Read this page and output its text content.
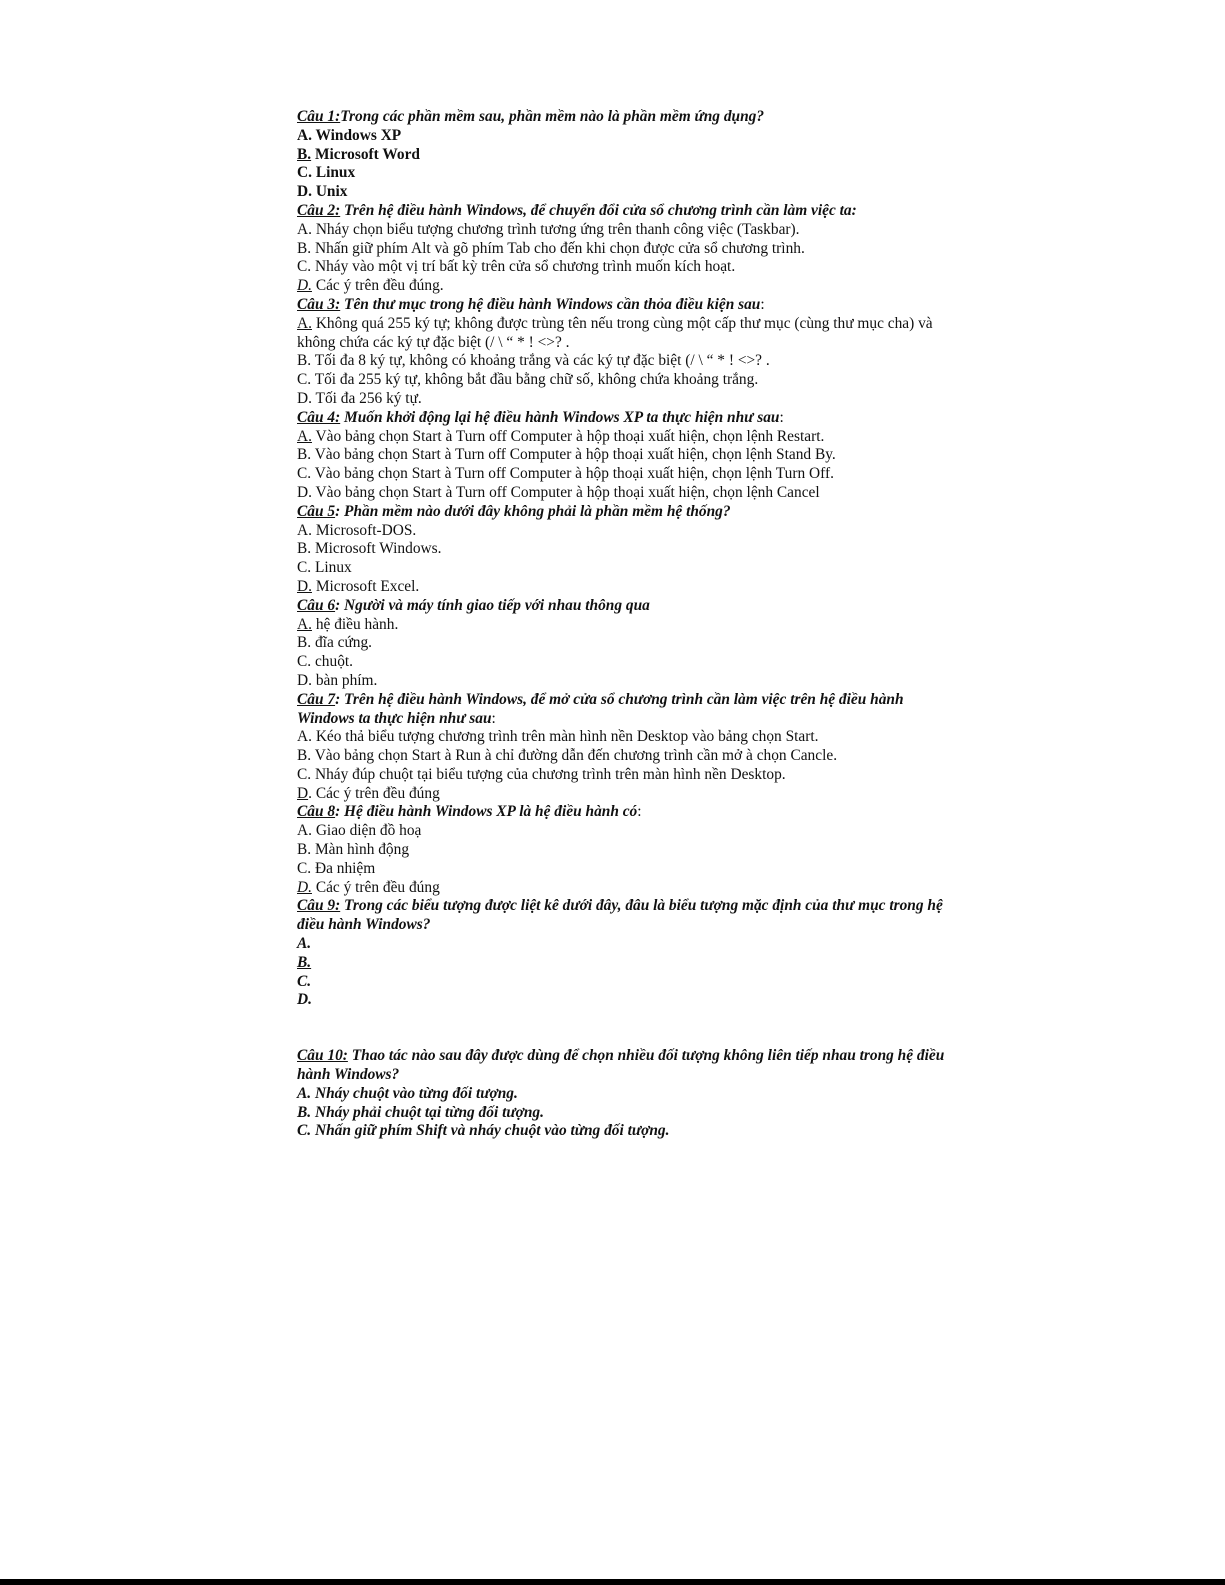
Câu 1:Trong các phần mềm sau, phần mềm nào là phần mềm ứng dụng?
A. Windows XP
B. Microsoft Word
C. Linux
D. Unix
Câu 2: Trên hệ điều hành Windows, để chuyển đổi cửa sổ chương trình cần làm việc ta:
A. Nháy chọn biểu tượng chương trình tương ứng trên thanh công việc (Taskbar).
B. Nhấn giữ phím Alt và gõ phím Tab cho đến khi chọn được cửa sổ chương trình.
C. Nháy vào một vị trí bất kỳ trên cửa sổ chương trình muốn kích hoạt.
D. Các ý trên đều đúng.
Câu 3: Tên thư mục trong hệ điều hành Windows cần thỏa điều kiện sau:
A. Không quá 255 ký tự; không được trùng tên nếu trong cùng một cấp thư mục (cùng thư mục cha) và không chứa các ký tự đặc biệt (/ \ “ * ! <>? .
B. Tối đa 8 ký tự, không có khoảng trắng và các ký tự đặc biệt (/ \ “ * ! <>? .
C. Tối đa 255 ký tự, không bắt đầu bằng chữ số, không chứa khoảng trắng.
D. Tối đa 256 ký tự.
Câu 4: Muốn khởi động lại hệ điều hành Windows XP ta thực hiện như sau:
A. Vào bảng chọn Start à Turn off Computer à hộp thoại xuất hiện, chọn lệnh Restart.
B. Vào bảng chọn Start à Turn off Computer à hộp thoại xuất hiện, chọn lệnh Stand By.
C. Vào bảng chọn Start à Turn off Computer à hộp thoại xuất hiện, chọn lệnh Turn Off.
D. Vào bảng chọn Start à Turn off Computer à hộp thoại xuất hiện, chọn lệnh Cancel
Câu 5: Phần mềm nào dưới đây không phải là phần mềm hệ thống?
A. Microsoft-DOS.
B. Microsoft Windows.
C. Linux
D. Microsoft Excel.
Câu 6: Người và máy tính giao tiếp với nhau thông qua
A. hệ điều hành.
B. đĩa cứng.
C. chuột.
D. bàn phím.
Câu 7: Trên hệ điều hành Windows, để mở cửa sổ chương trình cần làm việc trên hệ điều hành Windows ta thực hiện như sau:
A. Kéo thả biểu tượng chương trình trên màn hình nền Desktop vào bảng chọn Start.
B. Vào bảng chọn Start à Run à chỉ đường dẫn đến chương trình cần mở à chọn Cancle.
C. Nháy đúp chuột tại biểu tượng của chương trình trên màn hình nền Desktop.
D. Các ý trên đều đúng
Câu 8: Hệ điều hành Windows XP là hệ điều hành có:
A. Giao diện đồ hoạ
B. Màn hình động
C. Đa nhiệm
D. Các ý trên đều đúng
Câu 9: Trong các biểu tượng được liệt kê dưới đây, đâu là biểu tượng mặc định của thư mục trong hệ điều hành Windows?
A.
B.
C.
D.
Câu 10: Thao tác nào sau đây được dùng để chọn nhiều đối tượng không liên tiếp nhau trong hệ điều hành Windows?
A. Nháy chuột vào từng đối tượng.
B. Nháy phải chuột tại từng đối tượng.
C. Nhấn giữ phím Shift và nháy chuột vào từng đối tượng.
